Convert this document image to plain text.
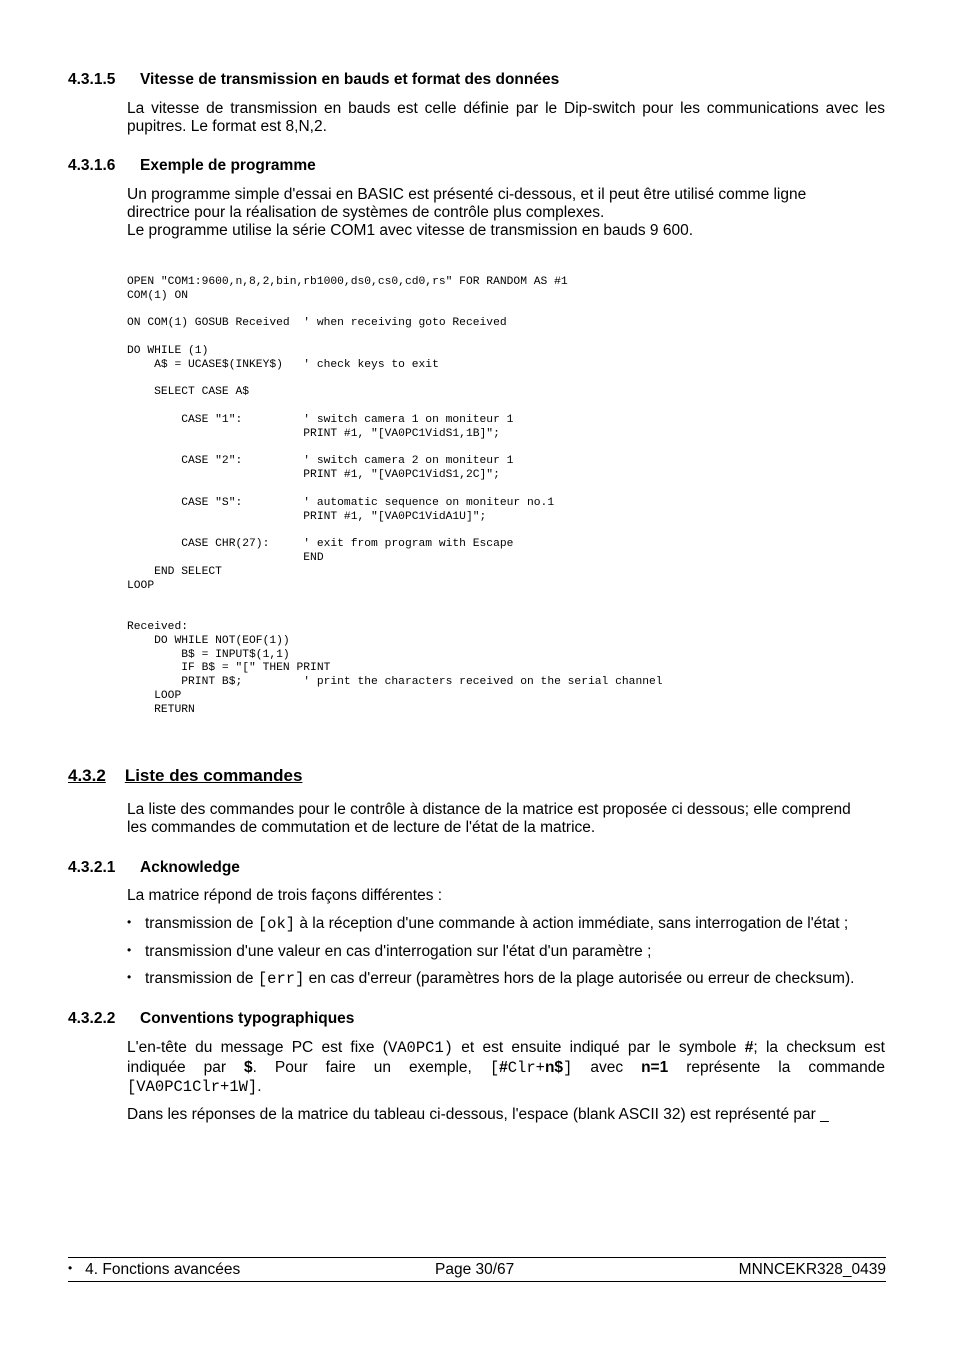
4.3.1.5 Vitesse de transmission en bauds et format des données
La vitesse de transmission en bauds est celle définie par le Dip-switch pour les communications avec les
pupitres. Le format est 8,N,2.
4.3.1.6 Exemple de programme
Un programme simple d'essai en BASIC est présenté ci-dessous, et il peut être utilisé comme ligne
directrice pour la réalisation de systèmes de contrôle plus complexes.
Le programme utilise la série COM1 avec vitesse de transmission en bauds 9 600.
OPEN "COM1:9600,n,8,2,bin,rb1000,ds0,cs0,cd0,rs" FOR RANDOM AS #1
COM(1) ON

ON COM(1) GOSUB Received  ' when receiving goto Received

DO WHILE (1)
A$ = UCASE$(INKEY$)   ' check keys to exit

SELECT CASE A$

CASE "1":         ' switch camera 1 on moniteur 1
PRINT #1, "[VA0PC1VidS1,1B]";

CASE "2":         ' switch camera 2 on moniteur 1
PRINT #1, "[VA0PC1VidS1,2C]";

CASE "S":         ' automatic sequence on moniteur no.1
PRINT #1, "[VA0PC1VidA1U]";

CASE CHR(27):     ' exit from program with Escape
END
END SELECT
LOOP

Received:
DO WHILE NOT(EOF(1))
B$ = INPUT$(1,1)
IF B$ = "[" THEN PRINT
PRINT B$;         ' print the characters received on the serial channel
LOOP
RETURN
4.3.2 Liste des commandes
La liste des commandes pour le contrôle à distance de la matrice est proposée ci dessous; elle comprend
les commandes de commutation et de lecture de l'état de la matrice.
4.3.2.1 Acknowledge
La matrice répond de trois façons différentes :
• transmission de [ok] à la réception d'une commande à action immédiate, sans interrogation de l'état ;
• transmission d'une valeur en cas d'interrogation sur l'état d'un paramètre ;
• transmission de [err] en cas d'erreur (paramètres hors de la plage autorisée ou erreur de checksum).
4.3.2.2 Conventions typographiques
L'en-tête du message PC est fixe (VA0PC1) et est ensuite indiqué par le symbole #; la checksum est
indiquée par $. Pour faire un exemple, [#Clr+n$] avec n=1 représente la commande
[VA0PC1Clr+1W].
Dans les réponses de la matrice du tableau ci-dessous, l'espace (blank ASCII 32) est représenté par _
• 4. Fonctions avancées	Page 30/67	MNNCEKR328_0439
